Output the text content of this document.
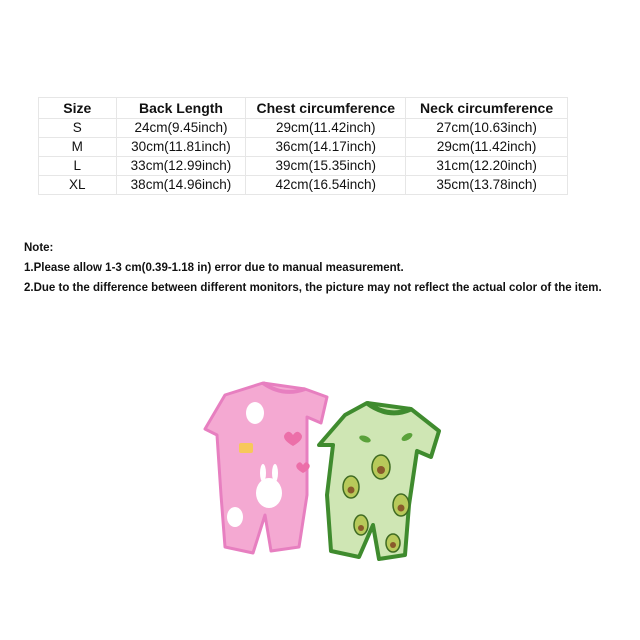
Size	Back Length	Chest circumference	Neck circumference
S	24cm(9.45inch)	29cm(11.42inch)	27cm(10.63inch)
M	30cm(11.81inch)	36cm(14.17inch)	29cm(11.42inch)
L	33cm(12.99inch)	39cm(15.35inch)	31cm(12.20inch)
XL	38cm(14.96inch)	42cm(16.54inch)	35cm(13.78inch)
Note:
1.Please allow 1-3 cm(0.39-1.18 in) error due to manual measurement.
2.Due to the difference between different monitors, the picture may not reflect the actual color of the item.
